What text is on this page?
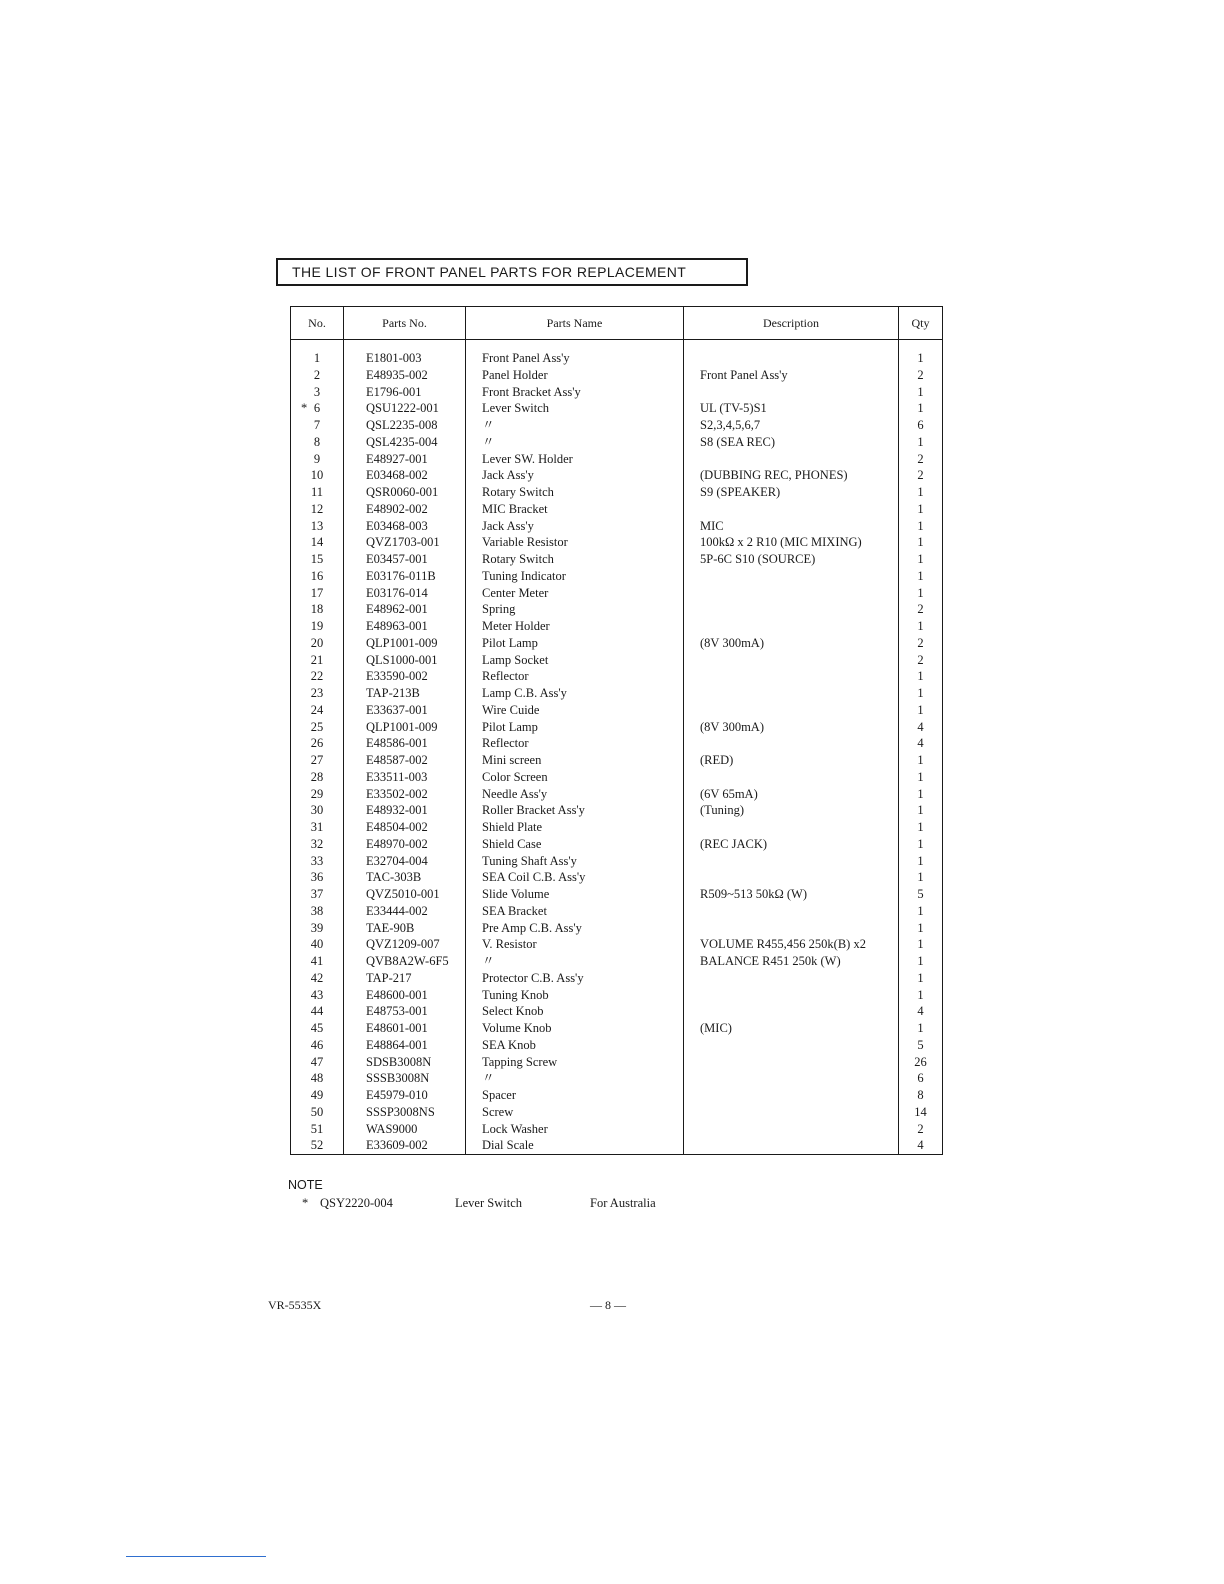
THE LIST OF FRONT PANEL PARTS FOR REPLACEMENT
No.	Parts No.	Parts Name	Description	Qty

1	E1801-003	Front Panel Ass'y		1
2	E48935-002	Panel Holder	Front Panel Ass'y	2
3	E1796-001	Front Bracket Ass'y		1

* 6	QSU1222-001	Lever Switch	UL (TV-5)S1	1
7	QSL2235-008	〃	S2,3,4,5,6,7	6
8	QSL4235-004	〃	S8 (SEA REC)	1
9	E48927-001	Lever SW. Holder		2
10	E03468-002	Jack Ass'y	(DUBBING REC, PHONES)	2
11	QSR0060-001	Rotary Switch	S9 (SPEAKER)	1
12	E48902-002	MIC Bracket		1
13	E03468-003	Jack Ass'y	MIC	1
14	QVZ1703-001	Variable Resistor	100kΩ x 2 R10 (MIC MIXING)	1
15	E03457-001	Rotary Switch	5P-6C S10 (SOURCE)	1
16	E03176-011B	Tuning Indicator		1
17	E03176-014	Center Meter		1
18	E48962-001	Spring		2
19	E48963-001	Meter Holder		1
20	QLP1001-009	Pilot Lamp	(8V 300mA)	2
21	QLS1000-001	Lamp Socket		2
22	E33590-002	Reflector		1
23	TAP-213B	Lamp C.B. Ass'y		1
24	E33637-001	Wire Cuide		1
25	QLP1001-009	Pilot Lamp	(8V 300mA)	4
26	E48586-001	Reflector		4
27	E48587-002	Mini screen	(RED)	1
28	E33511-003	Color Screen		1
29	E33502-002	Needle Ass'y	(6V 65mA)	1
30	E48932-001	Roller Bracket Ass'y	(Tuning)	1
31	E48504-002	Shield Plate		1
32	E48970-002	Shield Case	(REC JACK)	1
33	E32704-004	Tuning Shaft Ass'y		1
36	TAC-303B	SEA Coil C.B. Ass'y		1
37	QVZ5010-001	Slide Volume	R509~513 50kΩ (W)	5
38	E33444-002	SEA Bracket		1
39	TAE-90B	Pre Amp C.B. Ass'y		1
40	QVZ1209-007	V. Resistor	VOLUME R455,456 250k(B) x2	1
41	QVB8A2W-6F5	〃	BALANCE R451 250k (W)	1
42	TAP-217	Protector C.B. Ass'y		1
43	E48600-001	Tuning Knob		1
44	E48753-001	Select Knob		4
45	E48601-001	Volume Knob	(MIC)	1
46	E48864-001	SEA Knob		5
47	SDSB3008N	Tapping Screw		26
48	SSSB3008N	〃		6
49	E45979-010	Spacer		8
50	SSSP3008NS	Screw		14
51	WAS9000	Lock Washer		2
52	E33609-002	Dial Scale		4
NOTE
* QSY2220-004	Lever Switch	For Australia
VR-5535X	— 8 —
